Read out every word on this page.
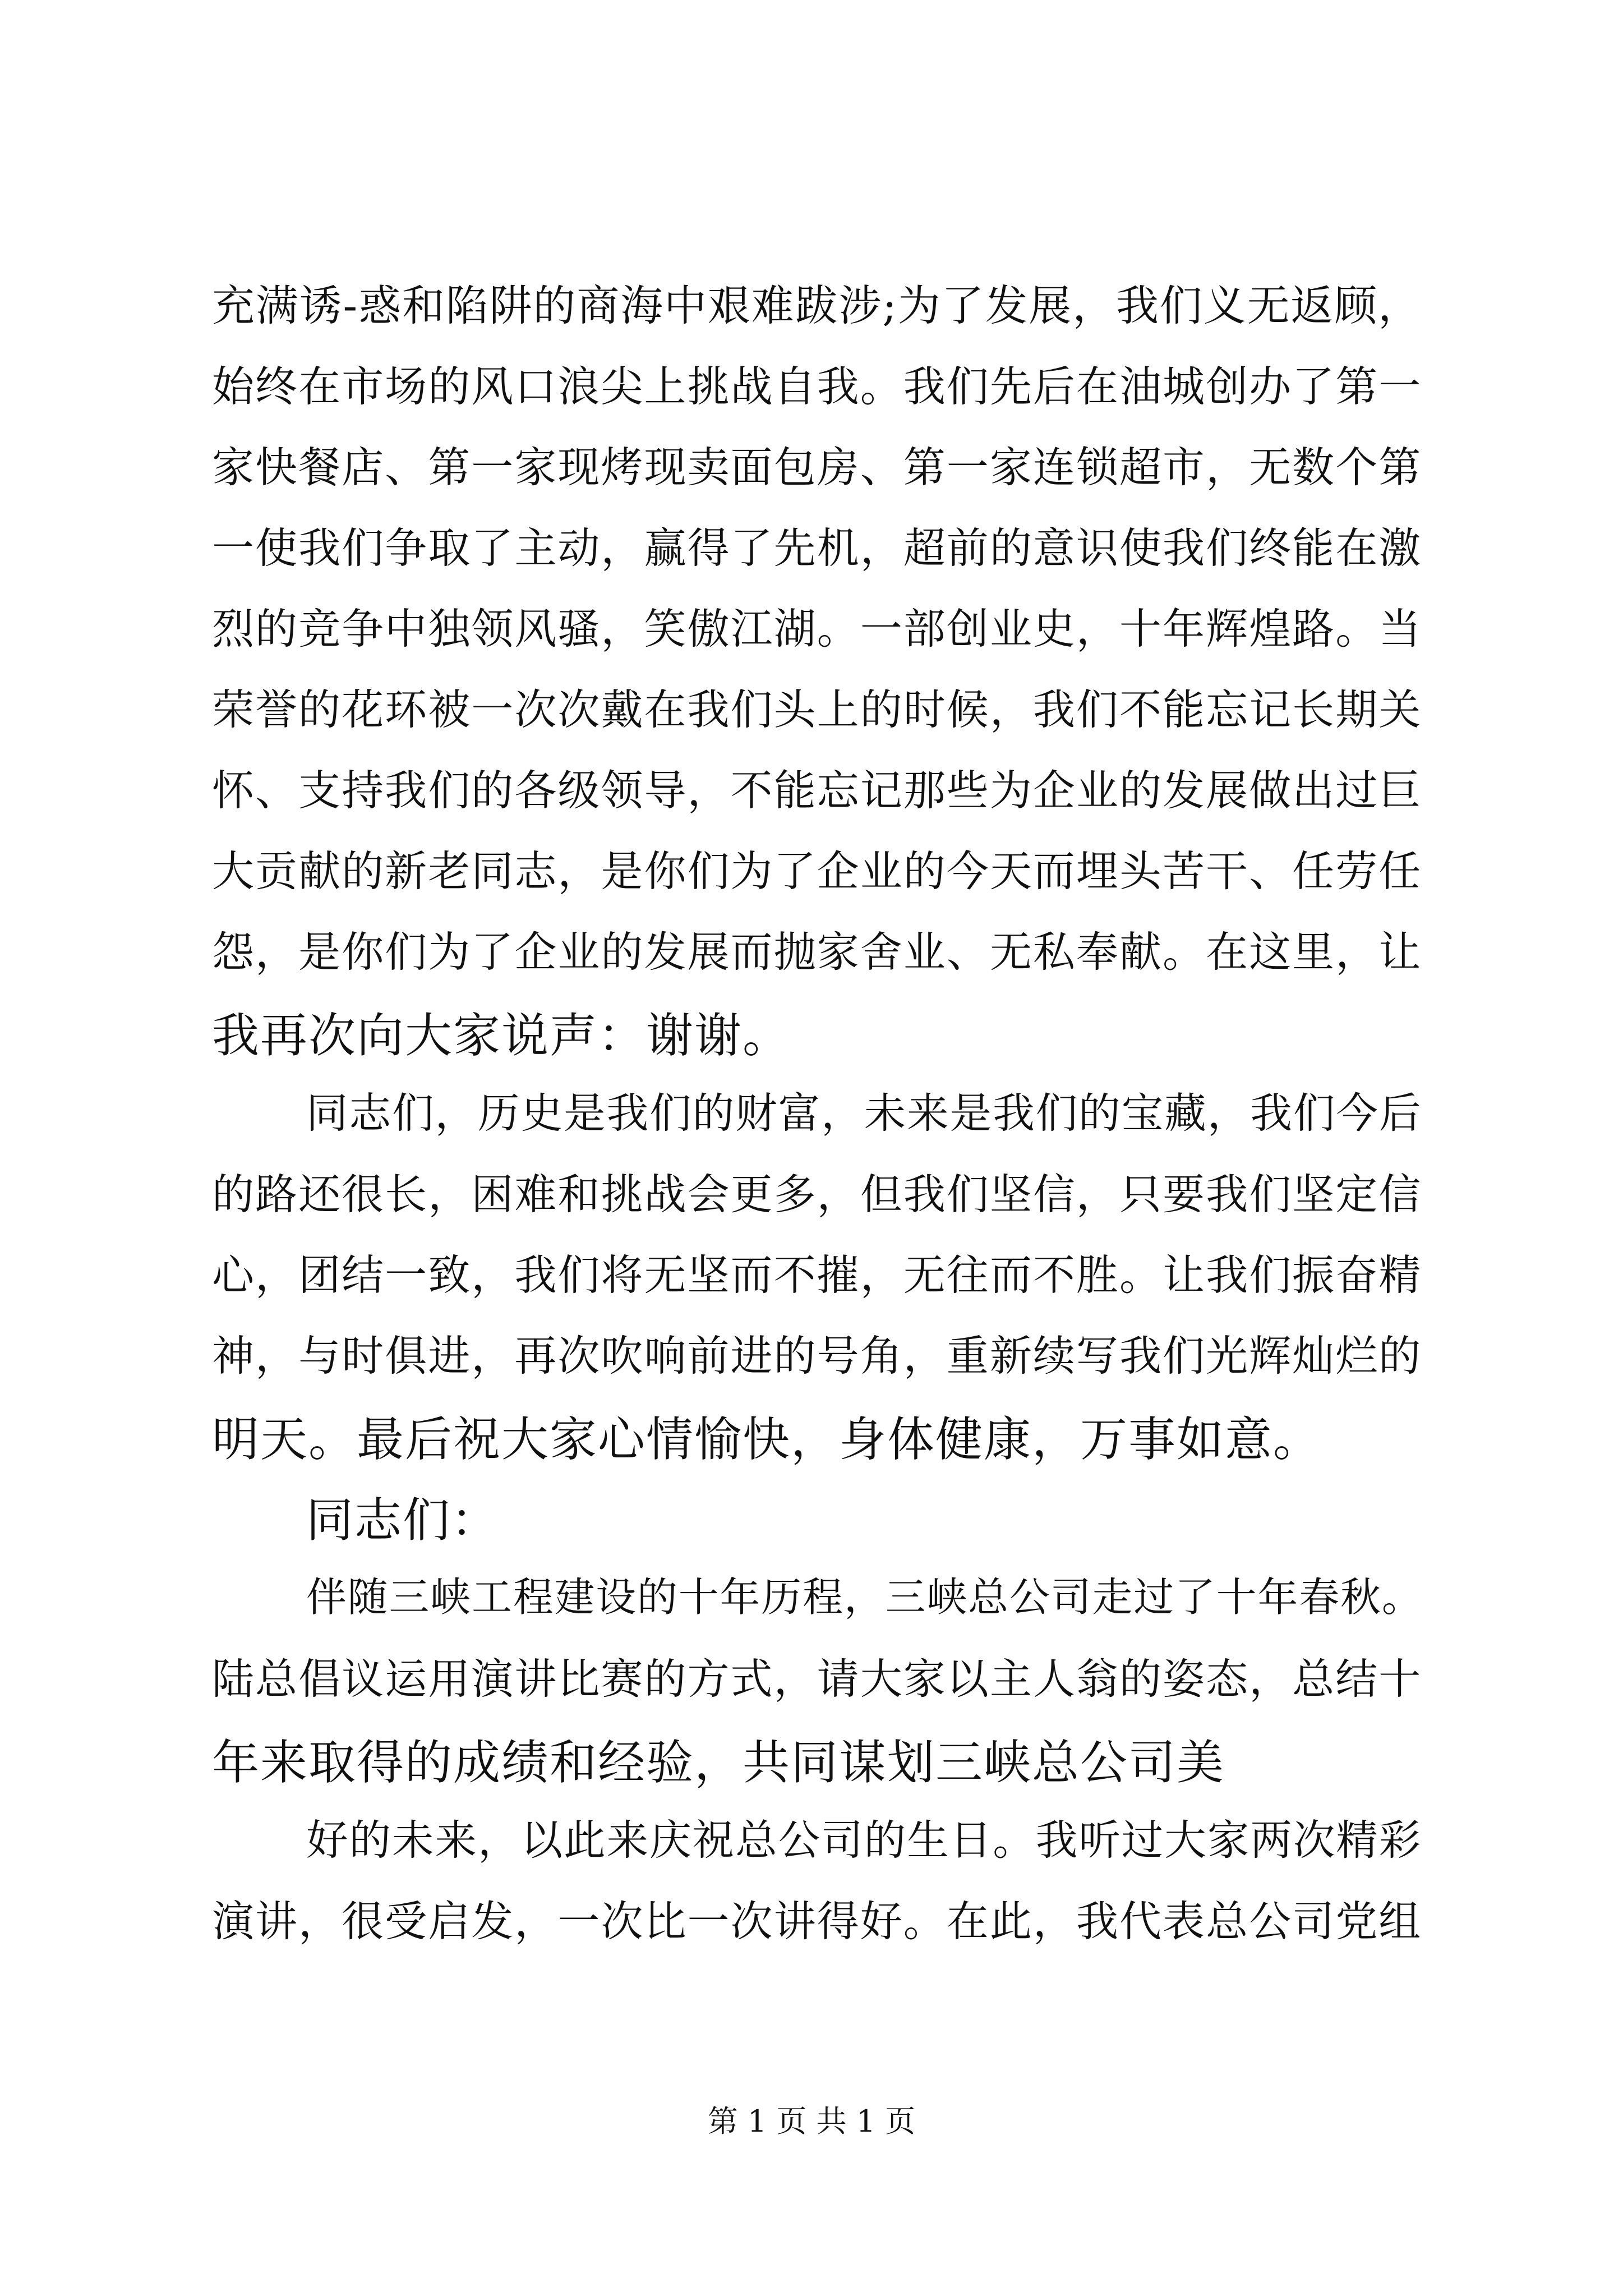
充满诱-惑和陷阱的商海中艰难跋涉;为了发展，我们义无返顾，
始终在市场的风口浪尖上挑战自我。我们先后在油城创办了第一
家快餐店、第一家现烤现卖面包房、第一家连锁超市，无数个第
一使我们争取了主动，赢得了先机，超前的意识使我们终能在激
烈的竞争中独领风骚，笑傲江湖。一部创业史，十年辉煌路。当
荣誉的花环被一次次戴在我们头上的时候，我们不能忘记长期关
怀、支持我们的各级领导，不能忘记那些为企业的发展做出过巨
大贡献的新老同志，是你们为了企业的今天而埋头苦干、任劳任
怨，是你们为了企业的发展而抛家舍业、无私奉献。在这里，让
我再次向大家说声：谢谢。
同志们，历史是我们的财富，未来是我们的宝藏，我们今后
的路还很长，困难和挑战会更多，但我们坚信，只要我们坚定信
心，团结一致，我们将无坚而不摧，无往而不胜。让我们振奋精
神，与时俱进，再次吹响前进的号角，重新续写我们光辉灿烂的
明天。最后祝大家心情愉快，身体健康，万事如意。
同志们：
伴随三峡工程建设的十年历程，三峡总公司走过了十年春秋。
陆总倡议运用演讲比赛的方式，请大家以主人翁的姿态，总结十
年来取得的成绩和经验，共同谋划三峡总公司美
好的未来，以此来庆祝总公司的生日。我听过大家两次精彩
演讲，很受启发，一次比一次讲得好。在此，我代表总公司党组
第 1 页 共 1 页
